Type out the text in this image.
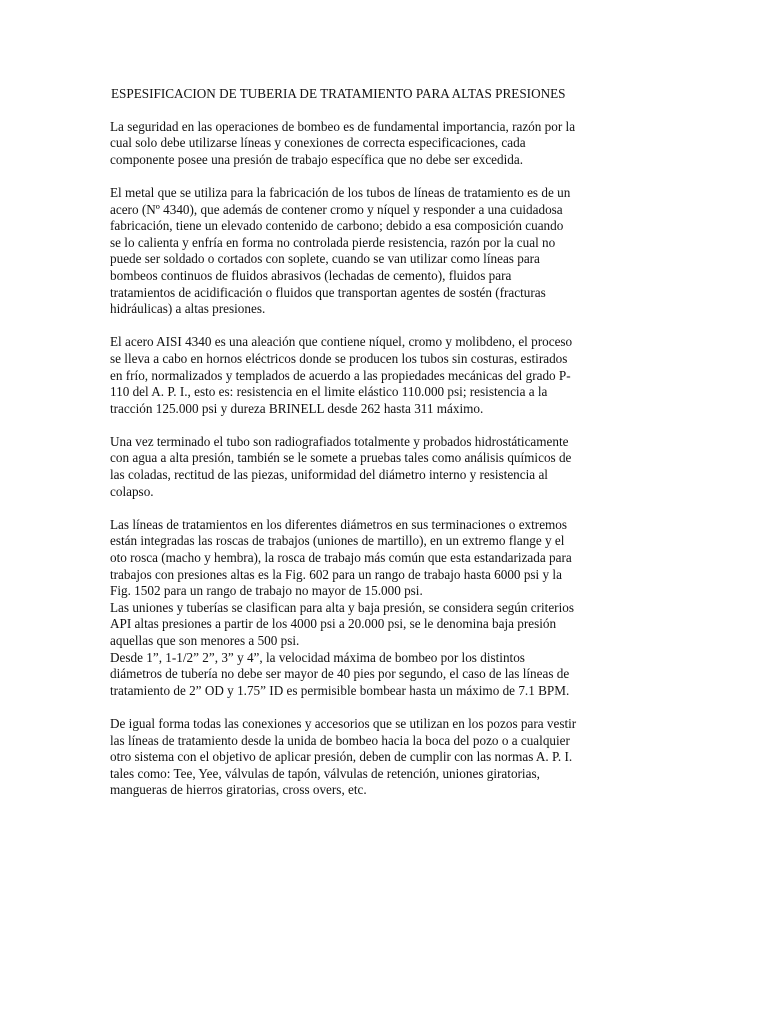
ESPESIFICACION DE TUBERIA DE TRATAMIENTO PARA ALTAS PRESIONES

La seguridad en las operaciones de bombeo es de fundamental importancia, razón por la
cual solo debe utilizarse líneas y conexiones de correcta especificaciones, cada
componente posee una presión de trabajo específica que no debe ser excedida.

El metal que se utiliza para la fabricación de los tubos de líneas de tratamiento es de un
acero (Nº 4340), que además de contener cromo y níquel y responder a una cuidadosa
fabricación, tiene un elevado contenido de carbono; debido a esa composición cuando
se lo calienta y enfría en forma no controlada pierde resistencia, razón por la cual no
puede ser soldado o cortados con soplete, cuando se van utilizar como líneas para
bombeos continuos de fluidos abrasivos (lechadas de cemento), fluidos para
tratamientos de acidificación o fluidos que transportan agentes de sostén (fracturas
hidráulicas) a altas presiones.

El acero AISI 4340 es una aleación que contiene níquel, cromo y molibdeno, el proceso
se lleva a cabo en hornos eléctricos donde se producen los tubos sin costuras, estirados
en frío, normalizados y templados de acuerdo a las propiedades mecánicas del grado P-
110 del A. P. I., esto es: resistencia en el limite elástico 110.000 psi; resistencia a la
tracción 125.000 psi y dureza BRINELL desde 262 hasta 311 máximo.

Una vez terminado el tubo son radiografiados totalmente y probados hidrostáticamente
con agua a alta presión, también se le somete a pruebas tales como análisis químicos de
las coladas, rectitud de las piezas, uniformidad del diámetro interno y resistencia al
colapso.

Las líneas de tratamientos en los diferentes diámetros en sus terminaciones o extremos
están integradas las roscas de trabajos (uniones de martillo), en un extremo flange y el
oto rosca (macho y hembra), la rosca de trabajo más común que esta estandarizada para
trabajos con presiones altas es la Fig. 602 para un rango de trabajo hasta 6000 psi y la
Fig. 1502 para un rango de trabajo no mayor de 15.000 psi.
Las uniones y tuberías se clasifican para alta y baja presión, se considera según criterios
API altas presiones a partir de los 4000 psi a 20.000 psi, se le denomina baja presión
aquellas que son menores a 500 psi.
Desde 1”, 1-1/2” 2”, 3” y 4”, la velocidad máxima de bombeo por los distintos
diámetros de tubería no debe ser mayor de 40 pies por segundo, el caso de las líneas de
tratamiento de 2” OD y 1.75” ID es permisible bombear hasta un máximo de 7.1 BPM.

De igual forma todas las conexiones y accesorios que se utilizan en los pozos para vestir
las líneas de tratamiento desde la unida de bombeo hacia la boca del pozo o a cualquier
otro sistema con el objetivo de aplicar presión, deben de cumplir con las normas A. P. I.
tales como: Tee, Yee, válvulas de tapón, válvulas de retención, uniones giratorias,
mangueras de hierros giratorias, cross overs, etc.
